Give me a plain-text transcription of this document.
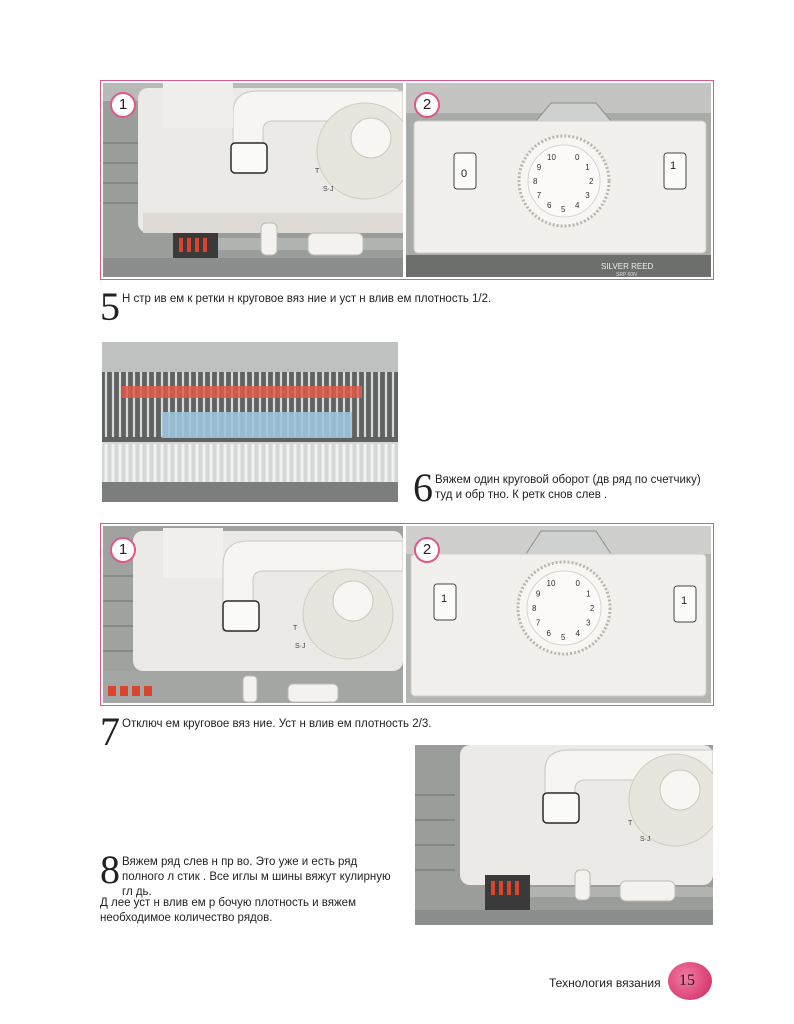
T
S·J
1
0
1
0
1
2
3
4
5
6
7
8
9
10
SILVER REED
SRP 60N
2
5 Н стр ив ем к ретки н круговое вяз ние и уст н влив ем плотность 1/2.
6 Вяжем один круговой оборот (дв ряд по счетчику) туд и обр тно. К ретк снов слев .
T
S·J
1
1	1
0
1
2
3
4
5
6
7
8
9
10
2
7 Отключ ем круговое вяз ние. Уст н влив ем плотность 2/3.
T
S·J
8 Вяжем ряд слев н пр во. Это уже и есть ряд полного л стик . Все иглы м шины вяжут кулирную гл дь.
Д лее уст н влив ем р бочую плотность и вяжем необходимое количество рядов.
Технология вязания 15
